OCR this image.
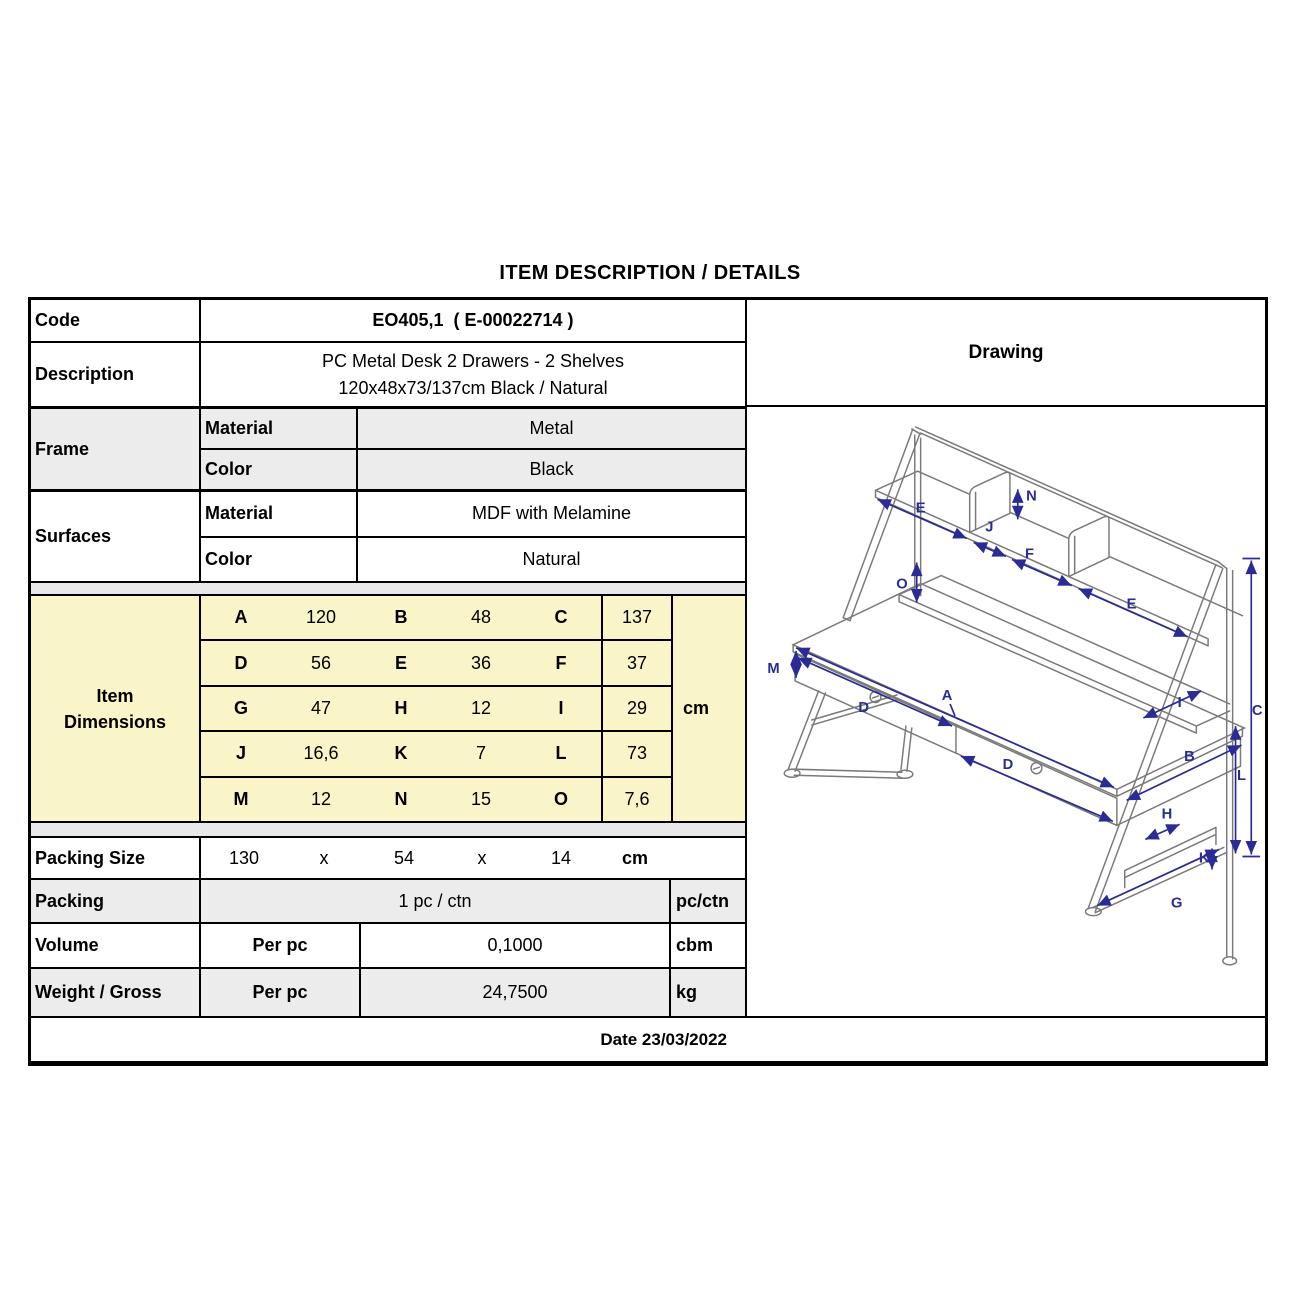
ITEM DESCRIPTION / DETAILS
Code	EO405,1  ( E-00022714 )
Description
PC Metal Desk 2 Drawers - 2 Shelves
120x48x73/137cm Black / Natural
Frame
Material	Metal
Color	Black
Surfaces
Material	MDF with Melamine
Color	Natural
Item
Dimensions
A	120	B	48	C	137
D	56	E	36	F	37
G	47	H	12	I	29
J	16,6	K	7	L	73
M	12	N	15	O	7,6
cm
Packing Size	130	x	54	x	14	cm
Packing	1 pc / ctn	pc/ctn
Volume	Per pc	0,1000	cbm
Weight / Gross	Per pc	24,7500	kg
Drawing
E
J
N
F
E
O
M
A
D
D
I	C
B
L
H
K
G
Date 23/03/2022
